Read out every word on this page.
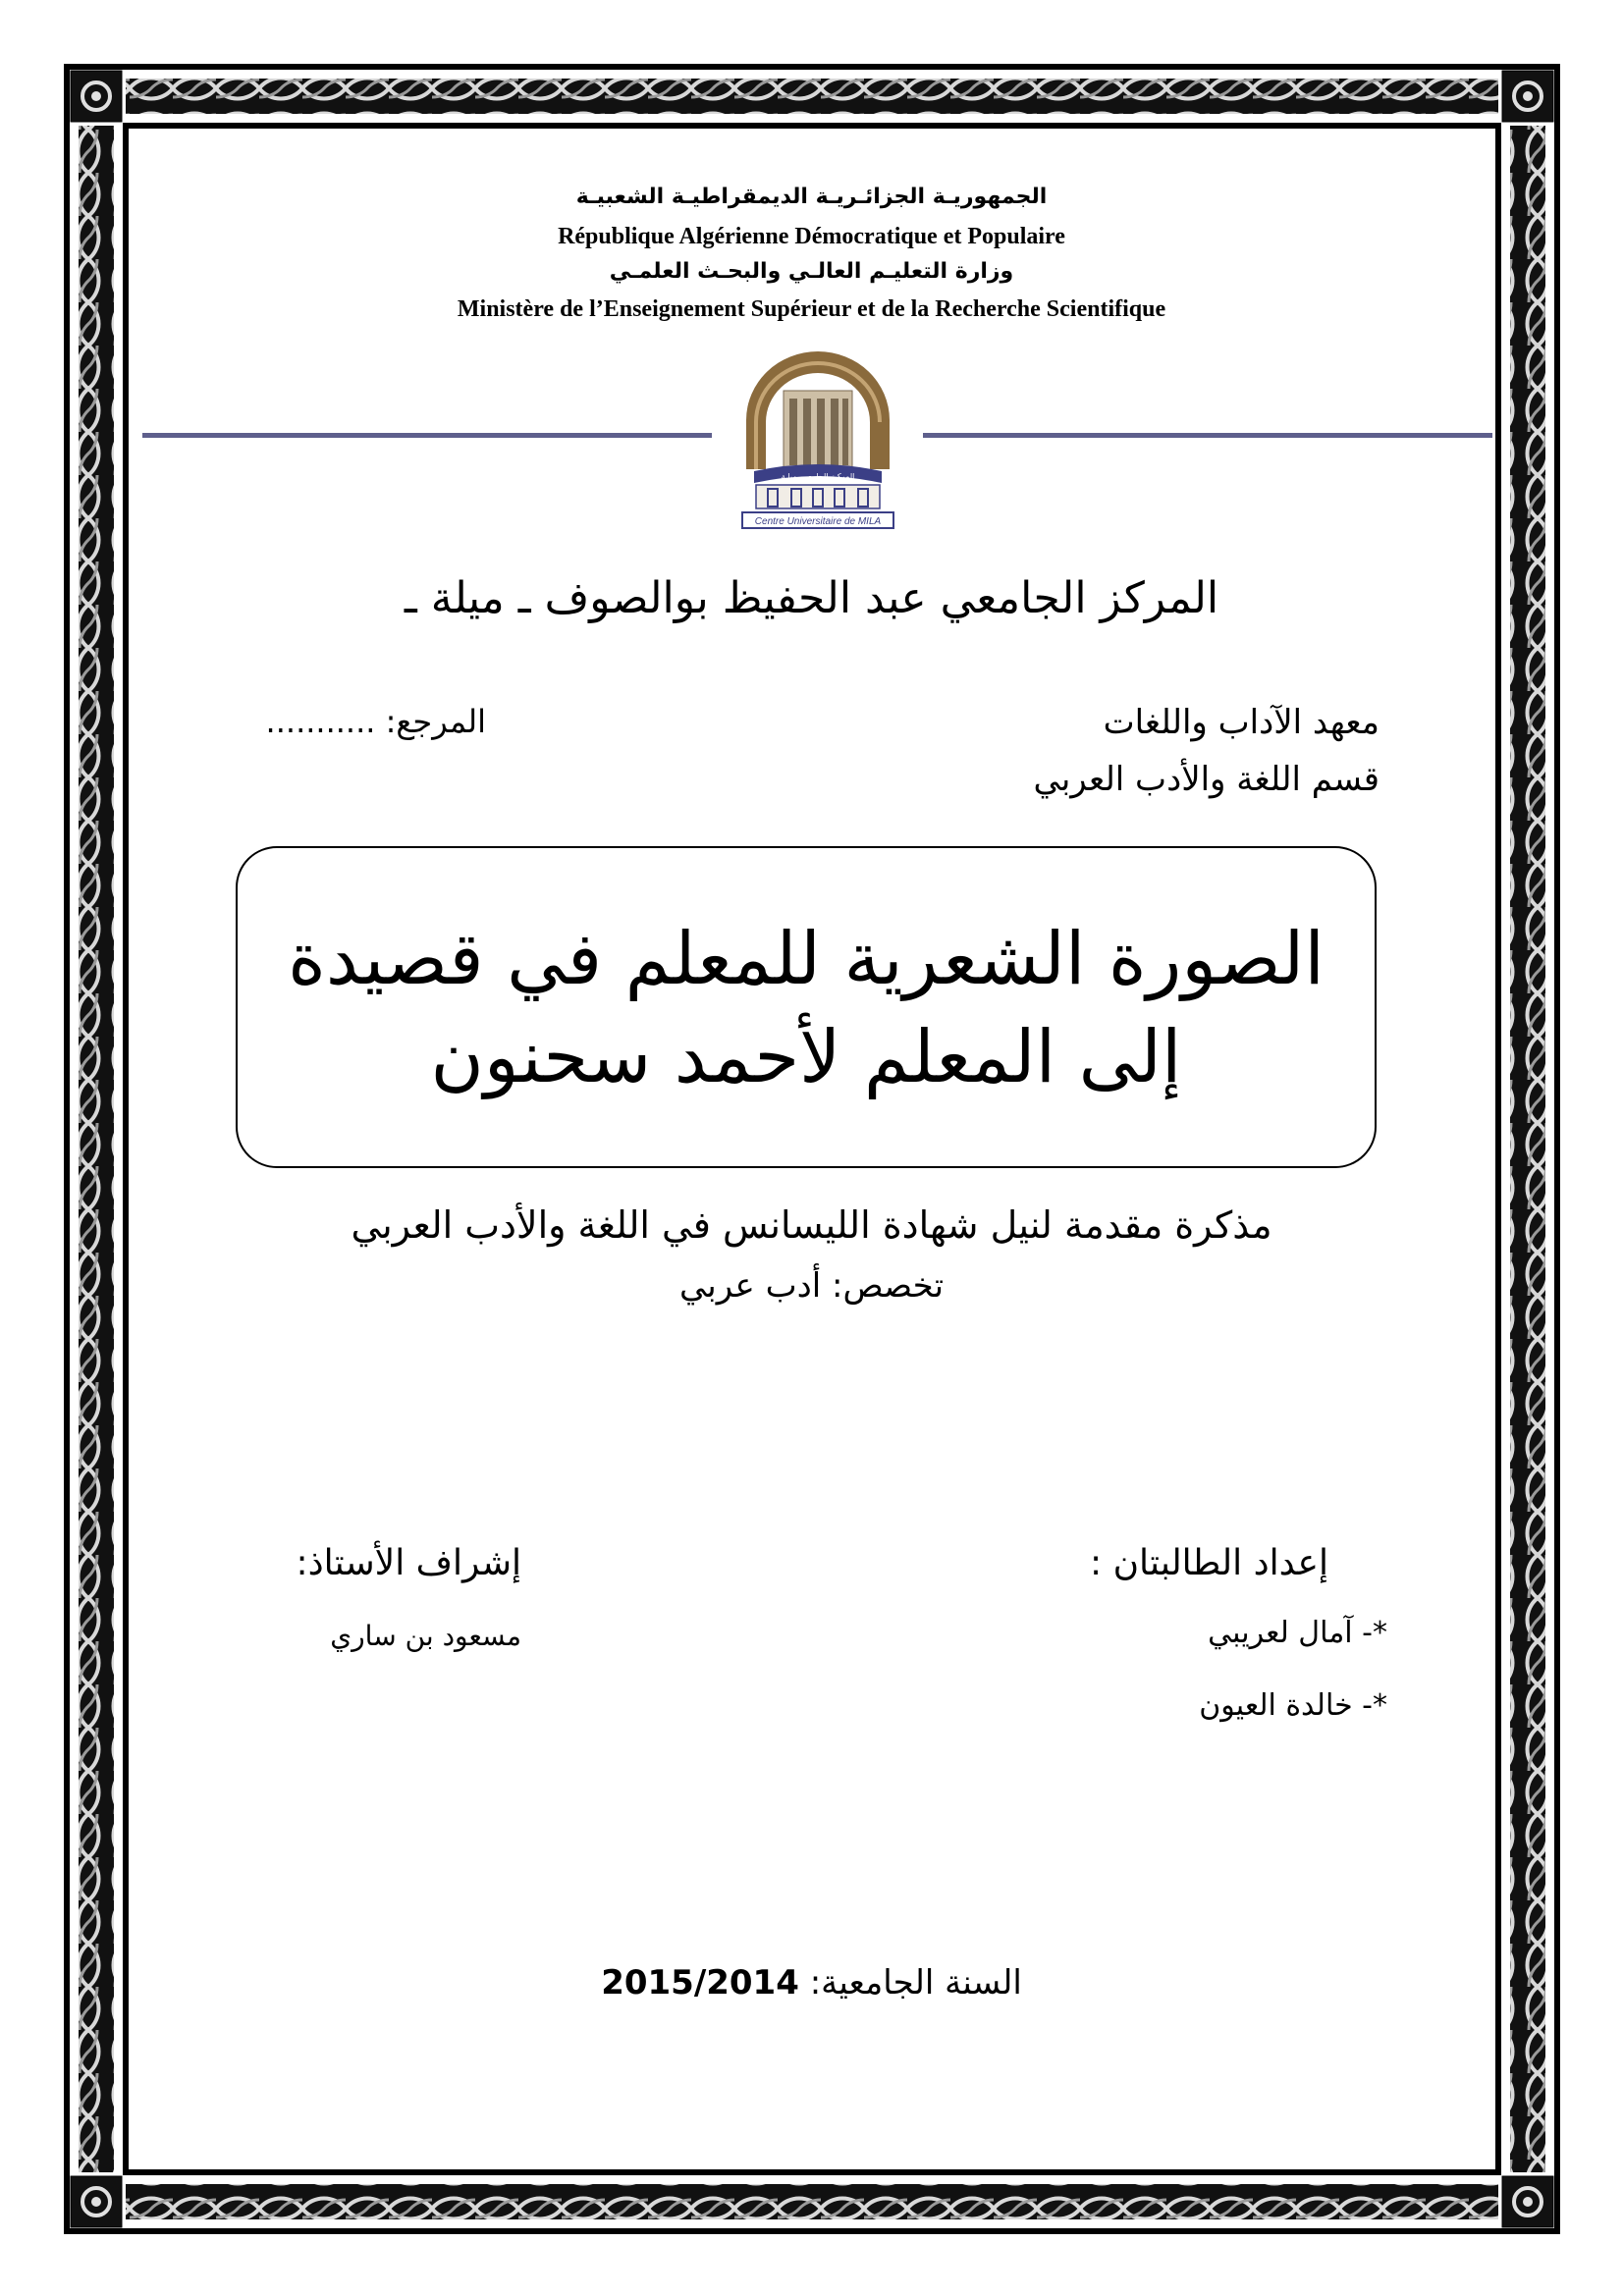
الجمهوريـة الجزائـريـة الديمقراطيـة الشعبيـة
République Algérienne Démocratique et Populaire
وزارة التعليـم العالـي والبحـث العلمـي
Ministère de l’Enseignement Supérieur et de la Recherche Scientifique
المركـز الجامعـي ميلـة
Centre Universitaire de MILA
المركز الجامعي عبد الحفيظ بوالصوف ـ ميلة ـ
معهد الآداب واللغات
قسم اللغة والأدب العربي
المرجع: ...........
الصورة الشعرية للمعلم في قصيدة
إلى المعلم لأحمد سحنون
مذكرة مقدمة لنيل شهادة الليسانس في اللغة والأدب العربي
تخصص: أدب عربي
إعداد الطالبتان :
*- آمال لعريبي
*- خالدة العيون
إشراف الأستاذ:
مسعود بن ساري
السنة الجامعية: 2015/2014
